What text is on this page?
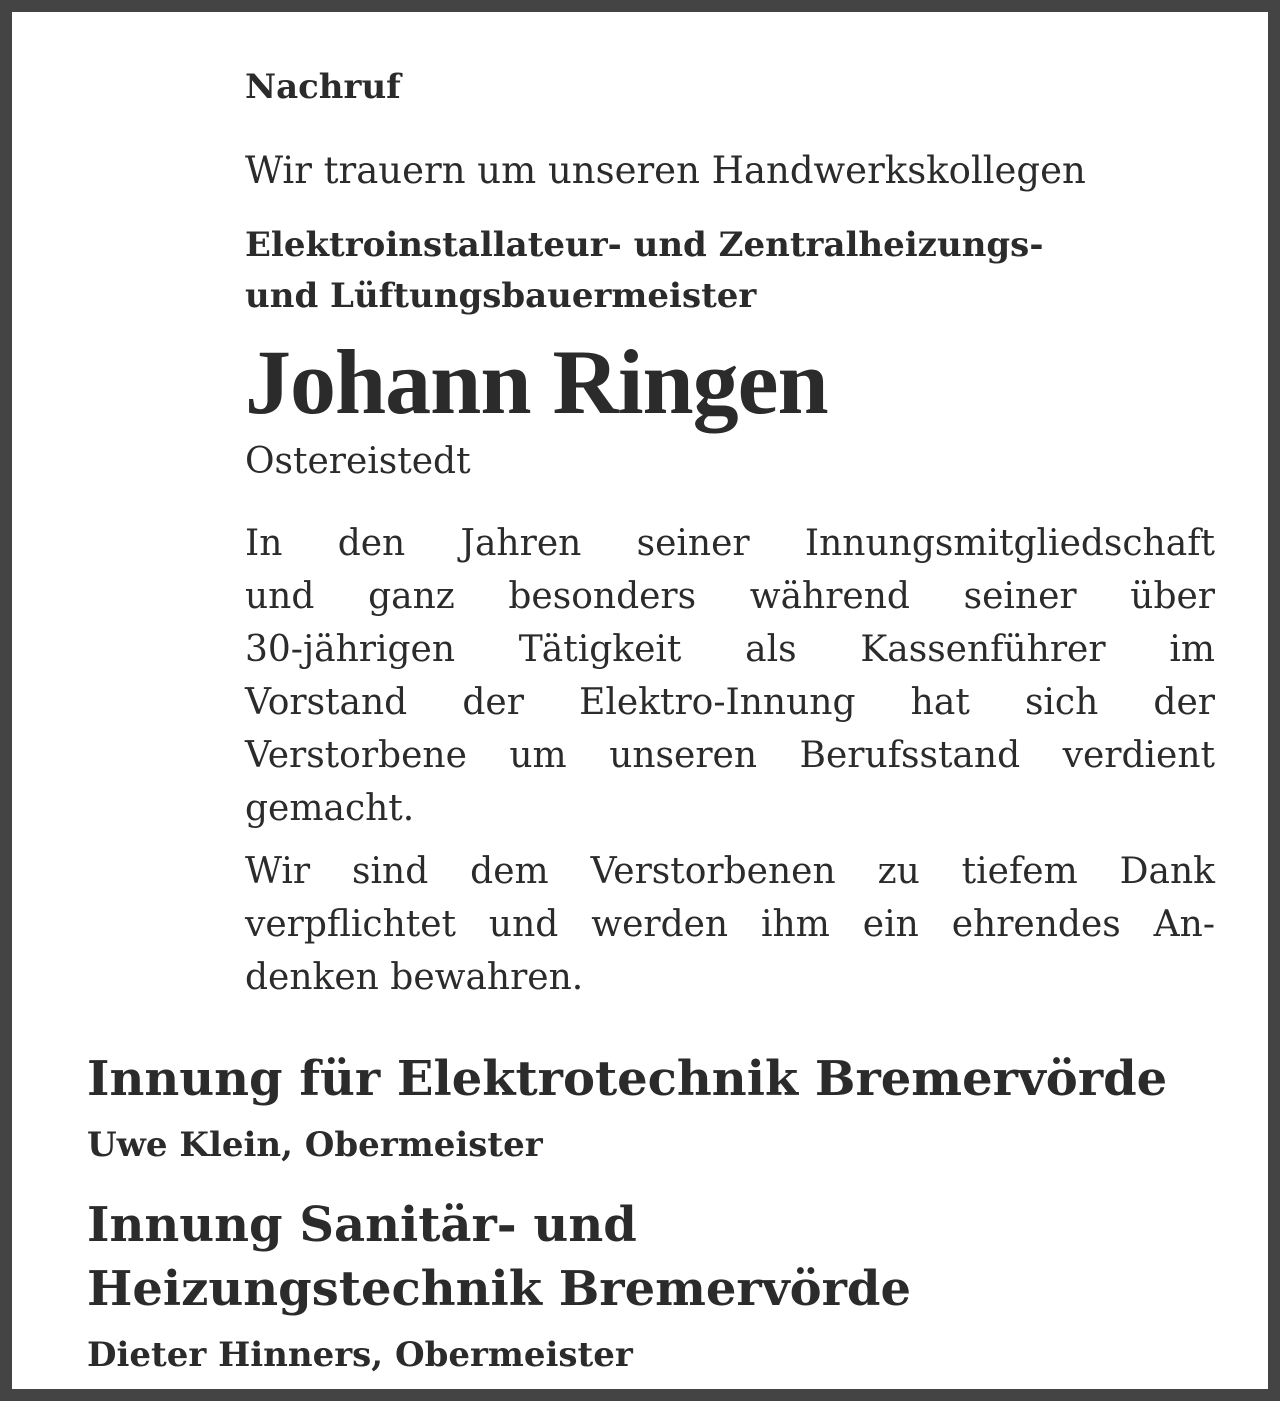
Nachruf

Wir trauern um unseren Handwerkskollegen

Elektroinstallateur- und Zentralheizungs-

und Lüftungsbauermeister

Johann Ringen

Ostereistedt

In den Jahren seiner Innungsmitgliedschaft

und ganz besonders während seiner über

30-jährigen Tätigkeit als Kassenführer im

Vorstand der Elektro-Innung hat sich der

Verstorbene um unseren Berufsstand verdient

gemacht.

Wir sind dem Verstorbenen zu tiefem Dank

verpflichtet und werden ihm ein ehrendes An-

denken bewahren.

Innung für Elektrotechnik Bremervörde

Uwe Klein, Obermeister

Innung Sanitär- und

Heizungstechnik Bremervörde

Dieter Hinners, Obermeister
